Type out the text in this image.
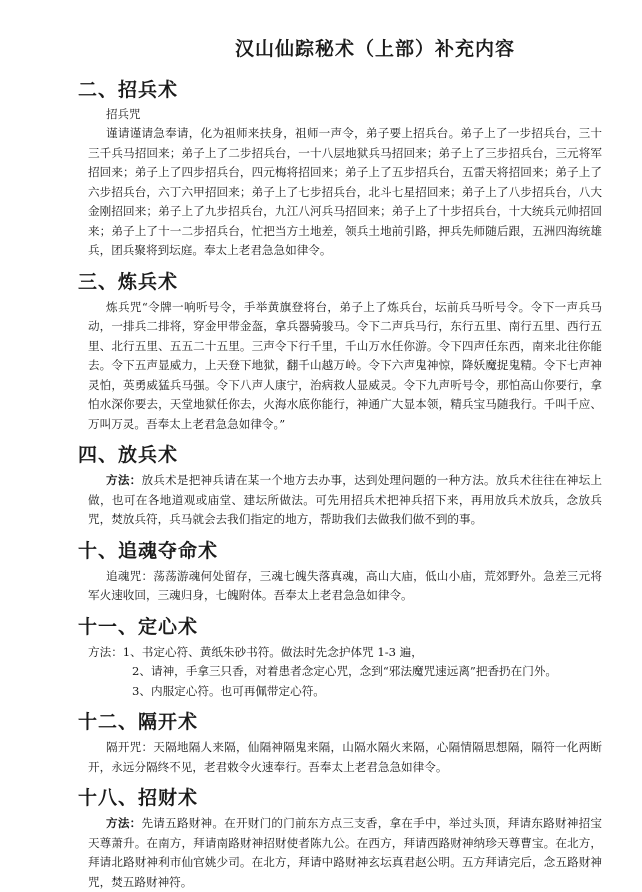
汉山仙踪秘术（上部）补充内容
二、招兵术
招兵咒

谨请谨请急奉请，化为祖师来扶身，祖师一声令，弟子要上招兵台。弟子上了一步招兵台，三十三千兵马招回来；弟子上了二步招兵台，一十八层地狱兵马招回来；弟子上了三步招兵台，三元将军招回来；弟子上了四步招兵台，四元梅将招回来；弟子上了五步招兵台，五雷天将招回来；弟子上了六步招兵台，六丁六甲招回来；弟子上了七步招兵台，北斗七星招回来；弟子上了八步招兵台，八大金刚招回来；弟子上了九步招兵台，九江八河兵马招回来；弟子上了十步招兵台，十大统兵元帅招回来；弟子上了十一二步招兵台，忙把当方土地差，领兵土地前引路，押兵先师随后跟，五洲四海统雄兵，团兵聚将到坛庭。奉太上老君急急如律令。

三、炼兵术

炼兵咒“令牌一响听号令，手举黄旗登将台，弟子上了炼兵台，坛前兵马听号令。令下一声兵马动，一排兵二排将，穿金甲带金盔，拿兵器骑骏马。令下二声兵马行，东行五里、南行五里、西行五里、北行五里、五五二十五里。三声令下行千里，千山万水任你游。令下四声任东西，南来北往你能去。令下五声显威力，上天登下地狱，翻千山越万岭。令下六声鬼神惊，降妖魔捉鬼精。令下七声神灵怕，英勇威猛兵马强。令下八声人康宁，治病救人显威灵。令下九声听号令，那怕高山你要行，拿怕水深你要去，天堂地狱任你去，火海水底你能行，神通广大显本领，精兵宝马随我行。千叫千应、万叫万灵。吾奉太上老君急急如律令。”

四、放兵术

方法：放兵术是把神兵请在某一个地方去办事，达到处理问题的一种方法。放兵术往往在神坛上做，也可在各地道观或庙堂、建坛所做法。可先用招兵术把神兵招下来，再用放兵术放兵，念放兵咒，焚放兵符，兵马就会去我们指定的地方，帮助我们去做我们做不到的事。

十、追魂夺命术

追魂咒：荡荡游魂何处留存，三魂七魄失落真魂，高山大庙，低山小庙，荒郊野外。急差三元将军火速收回，三魂归身，七魄附体。吾奉太上老君急急如律令。

十一、定心术

方法：1、书定心符、黄纸朱砂书符。做法时先念护体咒 1-3 遍，

2、请神，手拿三只香，对着患者念定心咒，念到“邪法魔咒速远离”把香扔在门外。

3、内服定心符。也可再佩带定心符。

十二、隔开术

隔开咒：天隔地隔人来隔，仙隔神隔鬼来隔，山隔水隔火来隔，心隔情隔思想隔，隔符一化两断开，永远分隔终不见，老君敕令火速奉行。吾奉太上老君急急如律令。

十八、招财术

方法：先请五路财神。在开财门的门前东方点三支香，拿在手中，举过头顶，拜请东路财神招宝天尊萧升。在南方，拜请南路财神招财使者陈九公。在西方，拜请西路财神纳珍天尊曹宝。在北方，拜请北路财神利市仙官姚少司。在北方，拜请中路财神玄坛真君赵公明。五方拜请完后，念五路财神咒，焚五路财神符。
